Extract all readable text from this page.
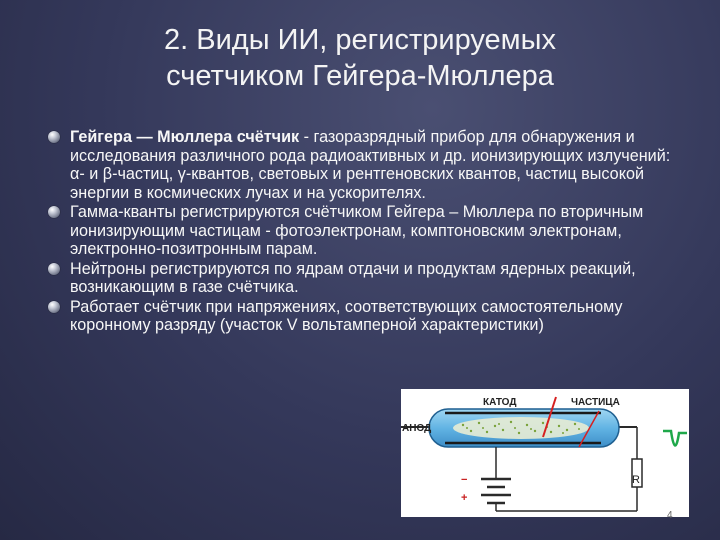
2. Виды ИИ, регистрируемых
счетчиком Гейгера-Мюллера
Гейгера — Мюллера счётчик - газоразрядный прибор для обнаружения и исследования различного рода радиоактивных и др. ионизирующих излучений: α- и β-частиц, γ-квантов, световых и рентгеновских квантов, частиц высокой энергии в космических лучах и на ускорителях.
Гамма-кванты регистрируются счётчиком Гейгера – Мюллера по вторичным ионизирующим частицам - фотоэлектронам, комптоновским электронам, электронно-позитронным парам.
Нейтроны регистрируются по ядрам отдачи и продуктам ядерных реакций, возникающим в газе счётчика.
Работает счётчик при напряжениях, соответствующих самостоятельному коронному разряду (участок V вольтамперной характеристики)
АНОД
КАТОД	ЧАСТИЦА
R
−
+
4
